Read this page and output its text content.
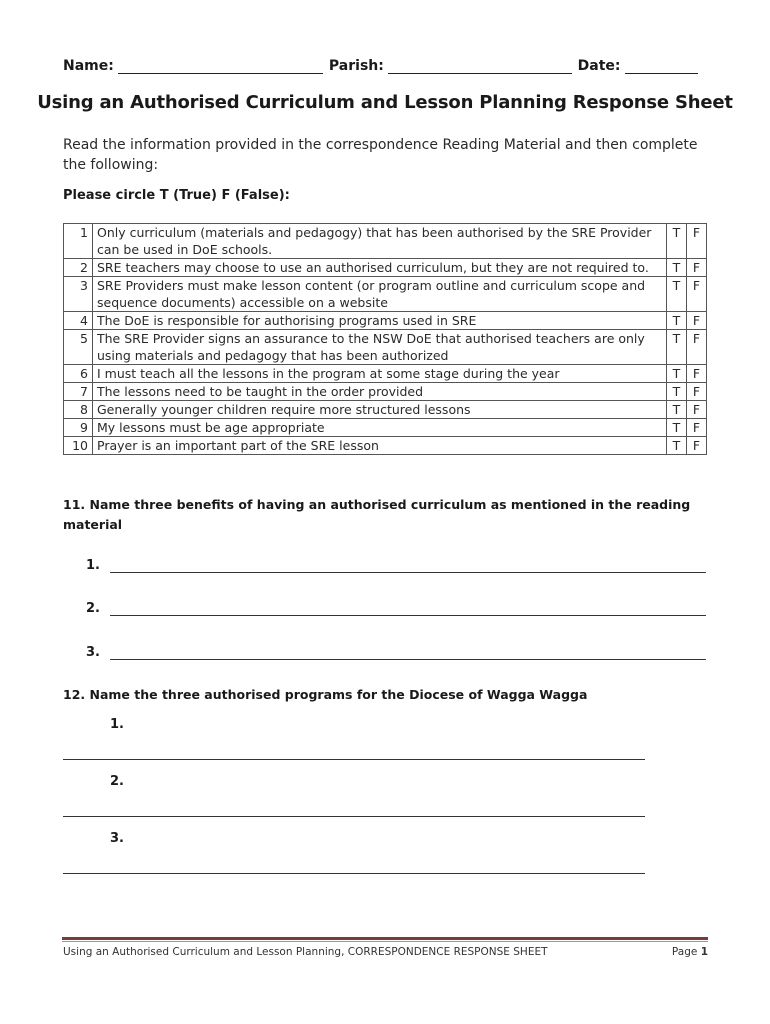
Name:	Parish:	Date:
Using an Authorised Curriculum and Lesson Planning Response Sheet
Read the information provided in the correspondence Reading Material and then complete the following:
Please circle T (True) F (False):
1	Only curriculum (materials and pedagogy) that has been authorised by the SRE Provider can be used in DoE schools.	T	F
2	SRE teachers may choose to use an authorised curriculum, but they are not required to.	T	F
3	SRE Providers must make lesson content (or program outline and curriculum scope and sequence documents) accessible on a website	T	F
4	The DoE is responsible for authorising programs used in SRE	T	F
5	The SRE Provider signs an assurance to the NSW DoE that authorised teachers are only using materials and pedagogy that has been authorized	T	F
6	I must teach all the lessons in the program at some stage during the year	T	F
7	The lessons need to be taught in the order provided	T	F
8	Generally younger children require more structured lessons	T	F
9	My lessons must be age appropriate	T	F
10	Prayer is an important part of the SRE lesson	T	F
11. Name three benefits of having an authorised curriculum as mentioned in the reading material
1.
2.
3.
12. Name the three authorised programs for the Diocese of Wagga Wagga
1.
2.
3.
Using an Authorised Curriculum and Lesson Planning, CORRESPONDENCE RESPONSE SHEET	Page 1
